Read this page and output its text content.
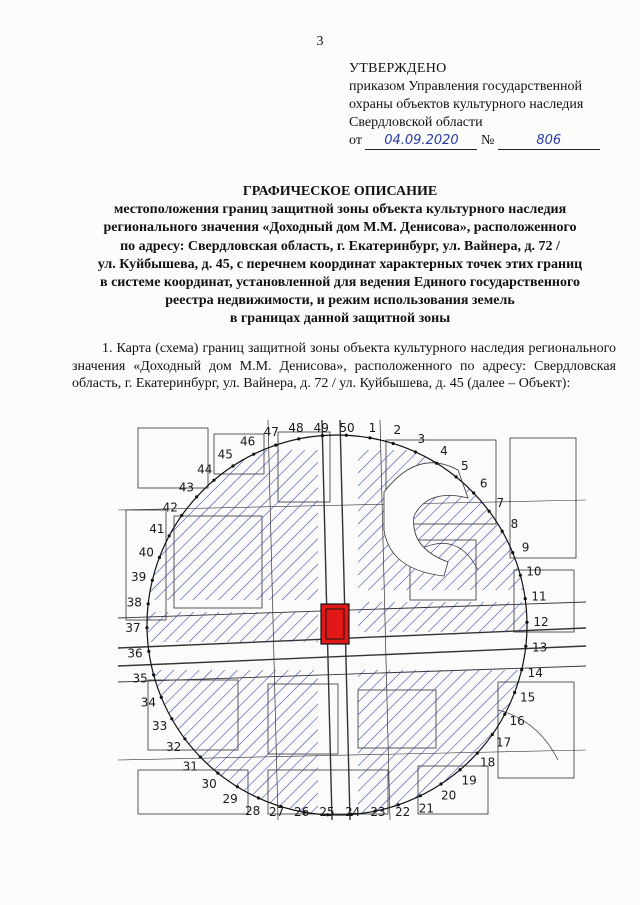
3
УТВЕРЖДЕНО
приказом Управления государственной
охраны объектов культурного наследия
Свердловской области
от 04.09.2020 №	806
ГРАФИЧЕСКОЕ ОПИСАНИЕ
местоположения границ защитной зоны объекта культурного наследия
регионального значения «Доходный дом М.М. Денисова», расположенного
по адресу: Свердловская область, г. Екатеринбург, ул. Вайнера, д. 72 /
ул. Куйбышева, д. 45, с перечнем координат характерных точек этих границ
в системе координат, установленной для ведения Единого государственного
реестра недвижимости, и режим использования земель
в границах данной защитной зоны
1. Карта (схема) границ защитной зоны объекта культурного наследия регионального значения «Доходный дом М.М. Денисова», расположенного по адресу: Свердловская область, г. Екатеринбург, ул. Вайнера, д. 72 / ул. Куйбышева, д. 45 (далее – Объект):
1 2
3
4
5
6
7
8
9
10
11
12
13
14
15
16
17
18
19
20
21
22
23
24
25
26
27
28
29
30
31
32
33
34
35
36
37
38
39
40
41
42
43
44
45
46
47 48 49 50
